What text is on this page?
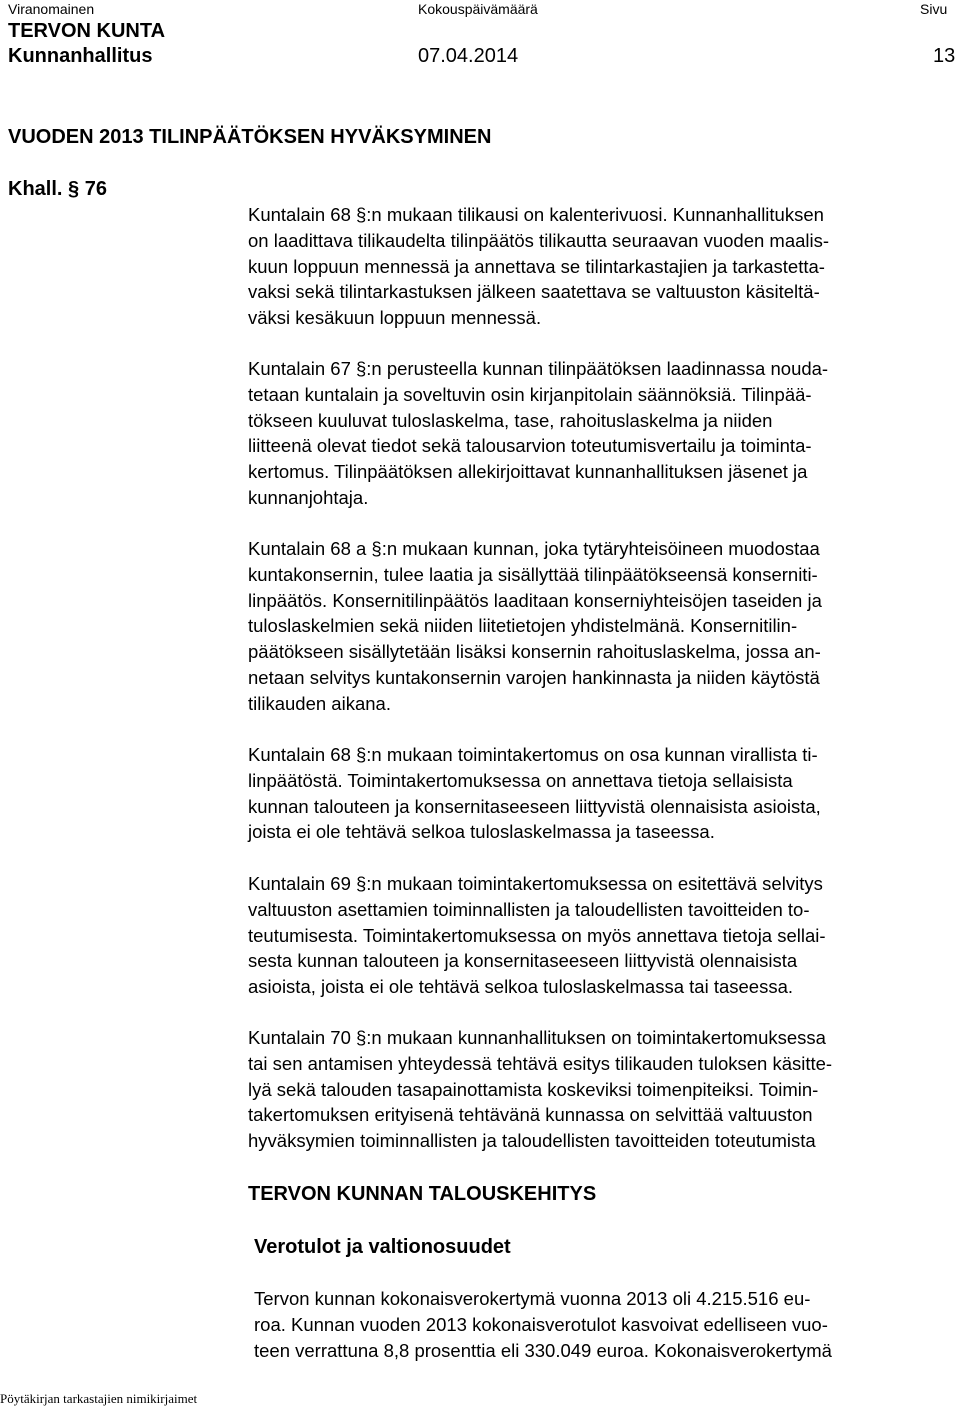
Viranomainen	Kokouspäivämäärä	Sivu
TERVON KUNTA
Kunnanhallitus	07.04.2014	13
VUODEN 2013 TILINPÄÄTÖKSEN HYVÄKSYMINEN
Khall. § 76

Kuntalain 68 §:n mukaan tilikausi on kalenterivuosi. Kunnanhallituksen

on laadittava tilikaudelta tilinpäätös tilikautta seuraavan vuoden maalis-

kuun loppuun mennessä ja annettava se tilintarkastajien ja tarkastetta-

vaksi sekä tilintarkastuksen jälkeen saatettava se valtuuston käsiteltä-

väksi kesäkuun loppuun mennessä.

Kuntalain 67 §:n perusteella kunnan tilinpäätöksen laadinnassa nouda-

tetaan kuntalain ja soveltuvin osin kirjanpitolain säännöksiä. Tilinpää-

tökseen kuuluvat tuloslaskelma, tase, rahoituslaskelma ja niiden

liitteenä olevat tiedot sekä talousarvion toteutumisvertailu ja toiminta-

kertomus. Tilinpäätöksen allekirjoittavat kunnanhallituksen jäsenet ja

kunnanjohtaja.

Kuntalain 68 a §:n mukaan kunnan, joka tytäryhteisöineen muodostaa

kuntakonsernin, tulee laatia ja sisällyttää tilinpäätökseensä konserniti-

linpäätös. Konsernitilinpäätös laaditaan konserniyhteisöjen taseiden ja

tuloslaskelmien sekä niiden liitetietojen yhdistelmänä. Konsernitilin-

päätökseen sisällytetään lisäksi konsernin rahoituslaskelma, jossa an-

netaan selvitys kuntakonsernin varojen hankinnasta ja niiden käytöstä

tilikauden aikana.

Kuntalain 68 §:n mukaan toimintakertomus on osa kunnan virallista ti-

linpäätöstä. Toimintakertomuksessa on annettava tietoja sellaisista

kunnan talouteen ja konsernitaseeseen liittyvistä olennaisista asioista,

joista ei ole tehtävä selkoa tuloslaskelmassa ja taseessa.

Kuntalain 69 §:n mukaan toimintakertomuksessa on esitettävä selvitys

valtuuston asettamien toiminnallisten ja taloudellisten tavoitteiden to-

teutumisesta. Toimintakertomuksessa on myös annettava tietoja sellai-

sesta kunnan talouteen ja konsernitaseeseen liittyvistä olennaisista

asioista, joista ei ole tehtävä selkoa tuloslaskelmassa tai taseessa.

Kuntalain 70 §:n mukaan kunnanhallituksen on toimintakertomuksessa

tai sen antamisen yhteydessä tehtävä esitys tilikauden tuloksen käsitte-

lyä sekä talouden tasapainottamista koskeviksi toimenpiteiksi. Toimin-

takertomuksen erityisenä tehtävänä kunnassa on selvittää valtuuston

hyväksymien toiminnallisten ja taloudellisten tavoitteiden toteutumista

TERVON KUNNAN TALOUSKEHITYS
Verotulot ja valtionosuudet

Tervon kunnan kokonaisverokertymä vuonna 2013 oli 4.215.516 eu-

roa. Kunnan vuoden 2013 kokonaisverotulot kasvoivat edelliseen vuo-

teen verrattuna 8,8 prosenttia eli 330.049 euroa. Kokonaisverokertymä

Pöytäkirjan tarkastajien nimikirjaimet
